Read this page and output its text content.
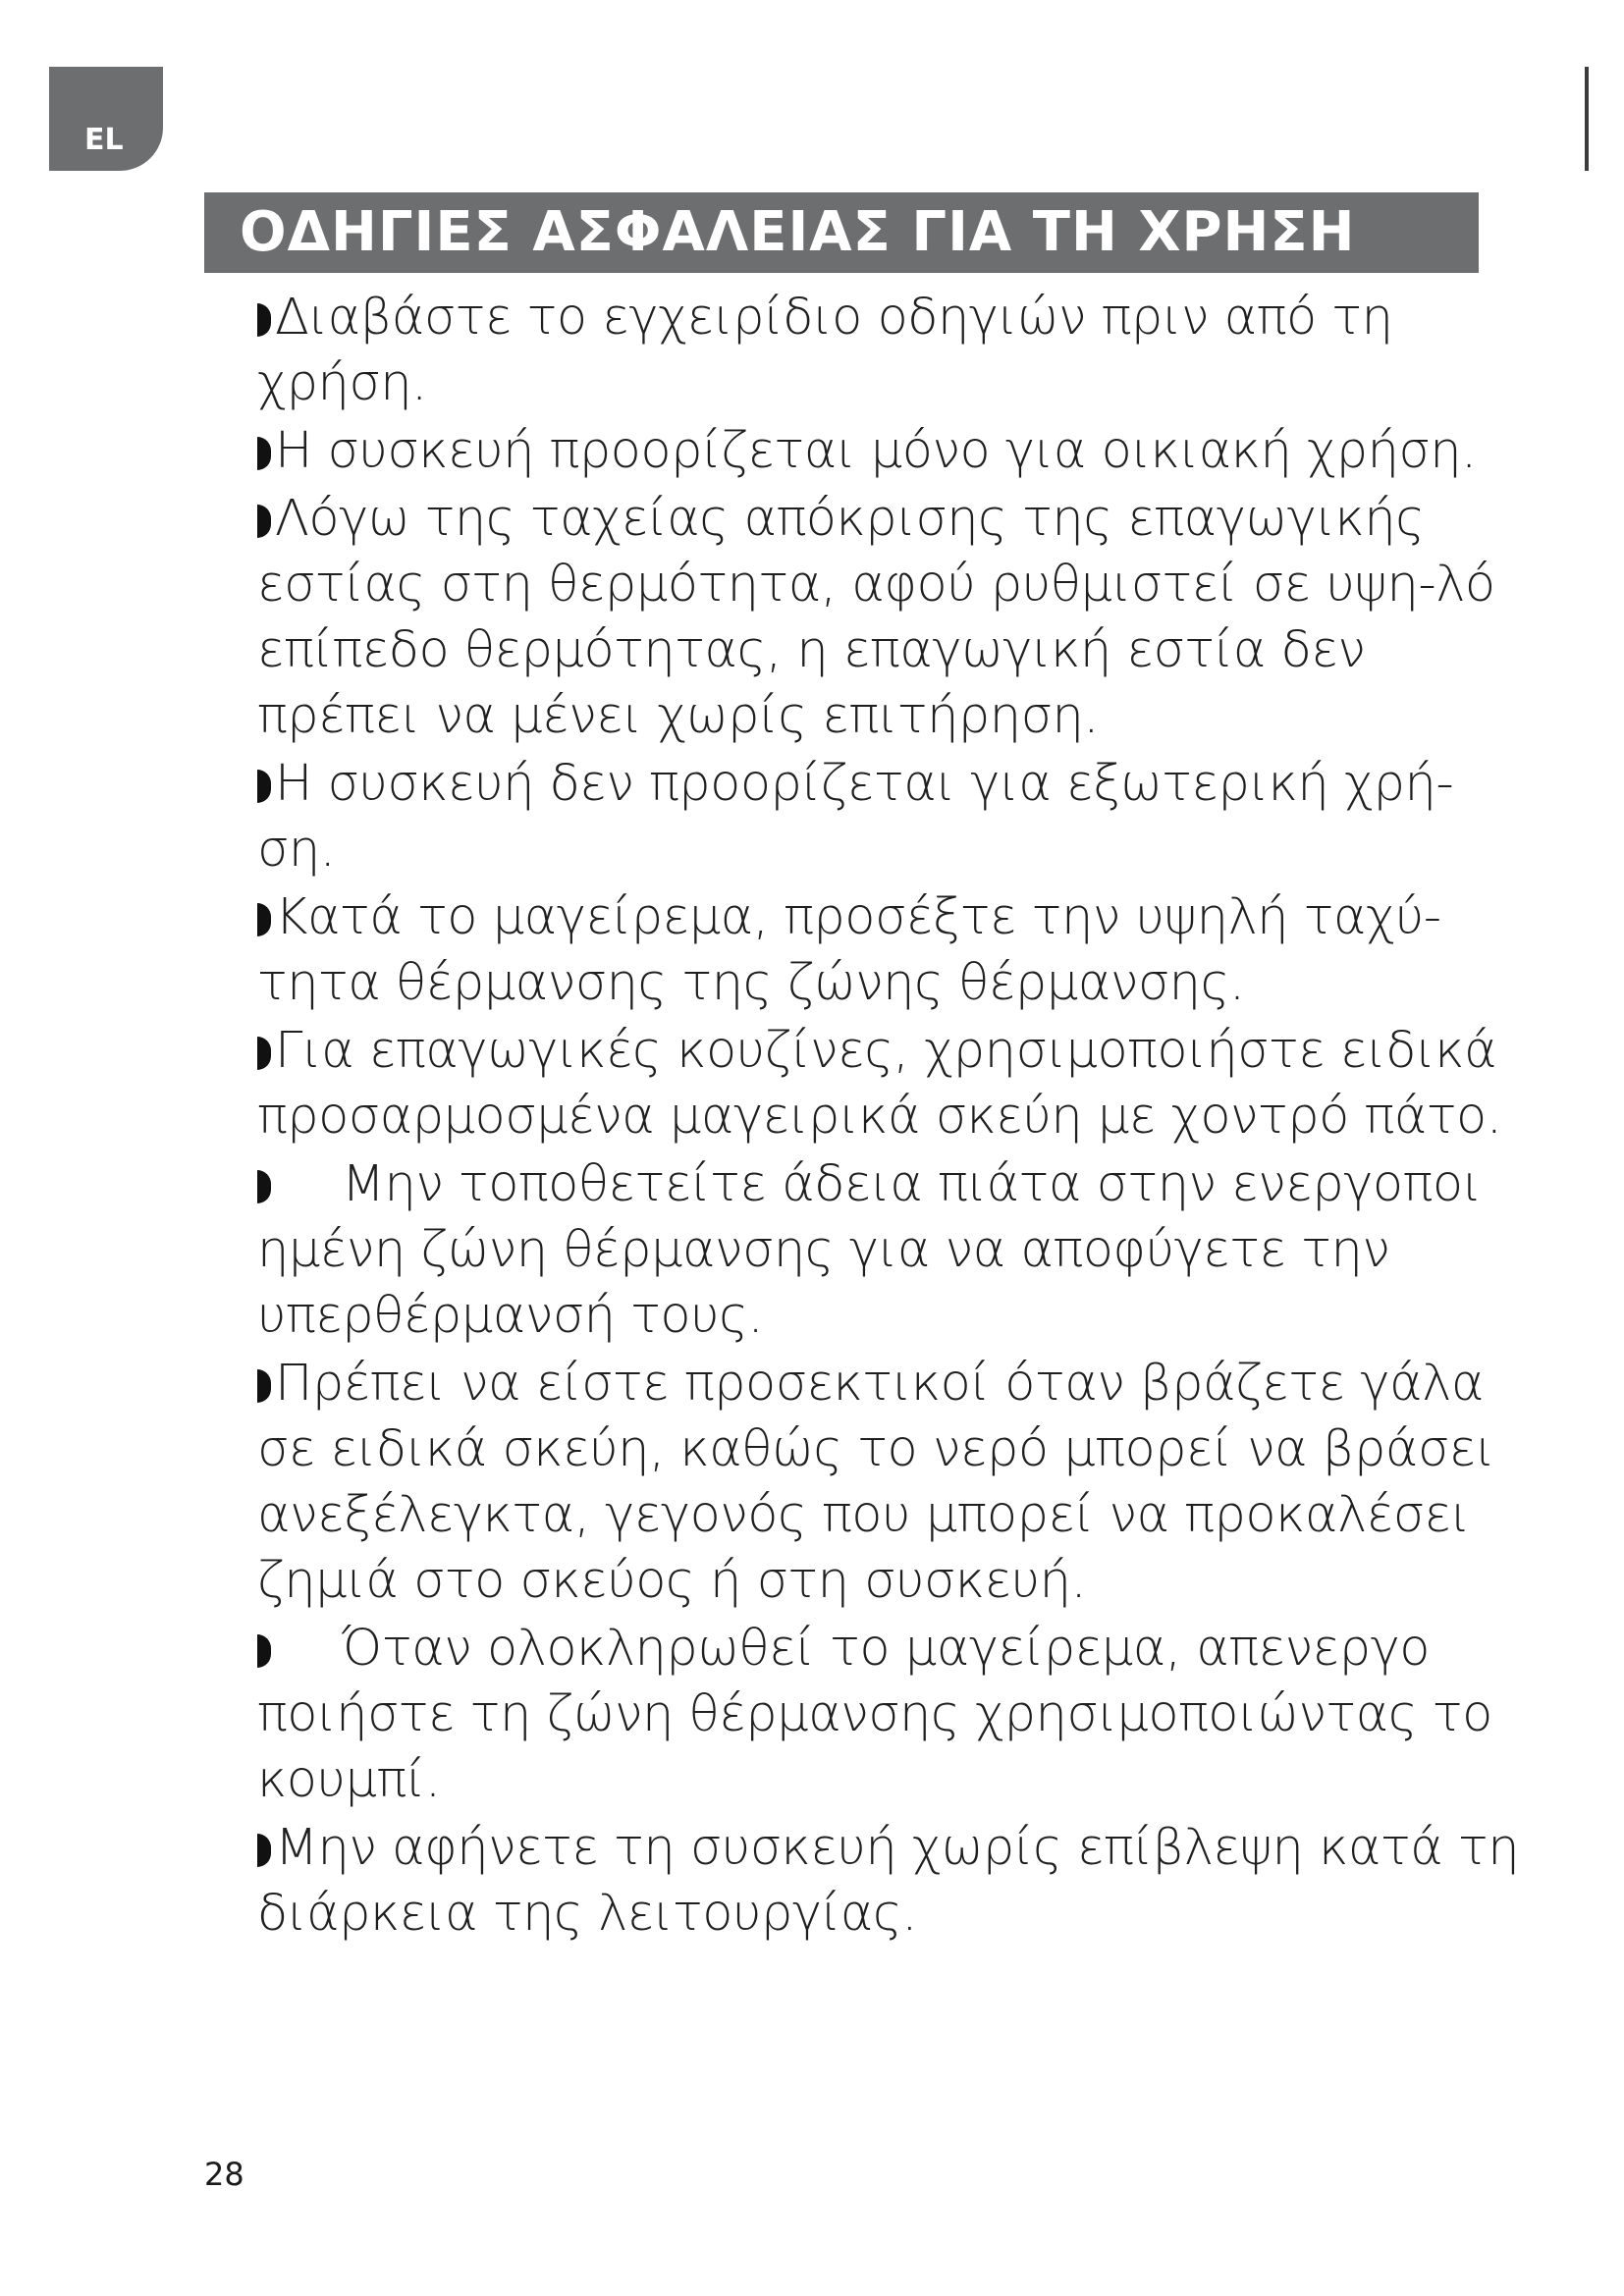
EL
ΟΔΗΓΙΕΣ ΑΣΦΑΛΕΙΑΣ ΓΙΑ ΤΗ ΧΡΗΣΗ
Διαβάστε το εγχειρίδιο οδηγιών πριν από τη χρήση.
Η συσκευή προορίζεται μόνο για οικιακή χρήση.
Λόγω της ταχείας απόκρισης της επαγωγικής εστίας στη θερμότητα, αφού ρυθμιστεί σε υψη-λό επίπεδο θερμότητας, η επαγωγική εστία δεν πρέπει να μένει χωρίς επιτήρηση.
Η συσκευή δεν προορίζεται για εξωτερική χρή-ση.
Κατά το μαγείρεμα, προσέξτε την υψηλή ταχύ-τητα θέρμανσης της ζώνης θέρμανσης.
Για επαγωγικές κουζίνες, χρησιμοποιήστε ειδικά προσαρμοσμένα μαγειρικά σκεύη με χοντρό πάτο.
Μην τοποθετείτε άδεια πιάτα στην ενεργοποι ημένη ζώνη θέρμανσης για να αποφύγετε την υπερθέρμανσή τους.
Πρέπει να είστε προσεκτικοί όταν βράζετε γάλα σε ειδικά σκεύη, καθώς το νερό μπορεί να βράσει ανεξέλεγκτα, γεγονός που μπορεί να προκαλέσει ζημιά στο σκεύος ή στη συσκευή.
Όταν ολοκληρωθεί το μαγείρεμα, απενεργο ποιήστε τη ζώνη θέρμανσης χρησιμοποιώντας το κουμπί.
Μην αφήνετε τη συσκευή χωρίς επίβλεψη κατά τη διάρκεια της λειτουργίας.
28
